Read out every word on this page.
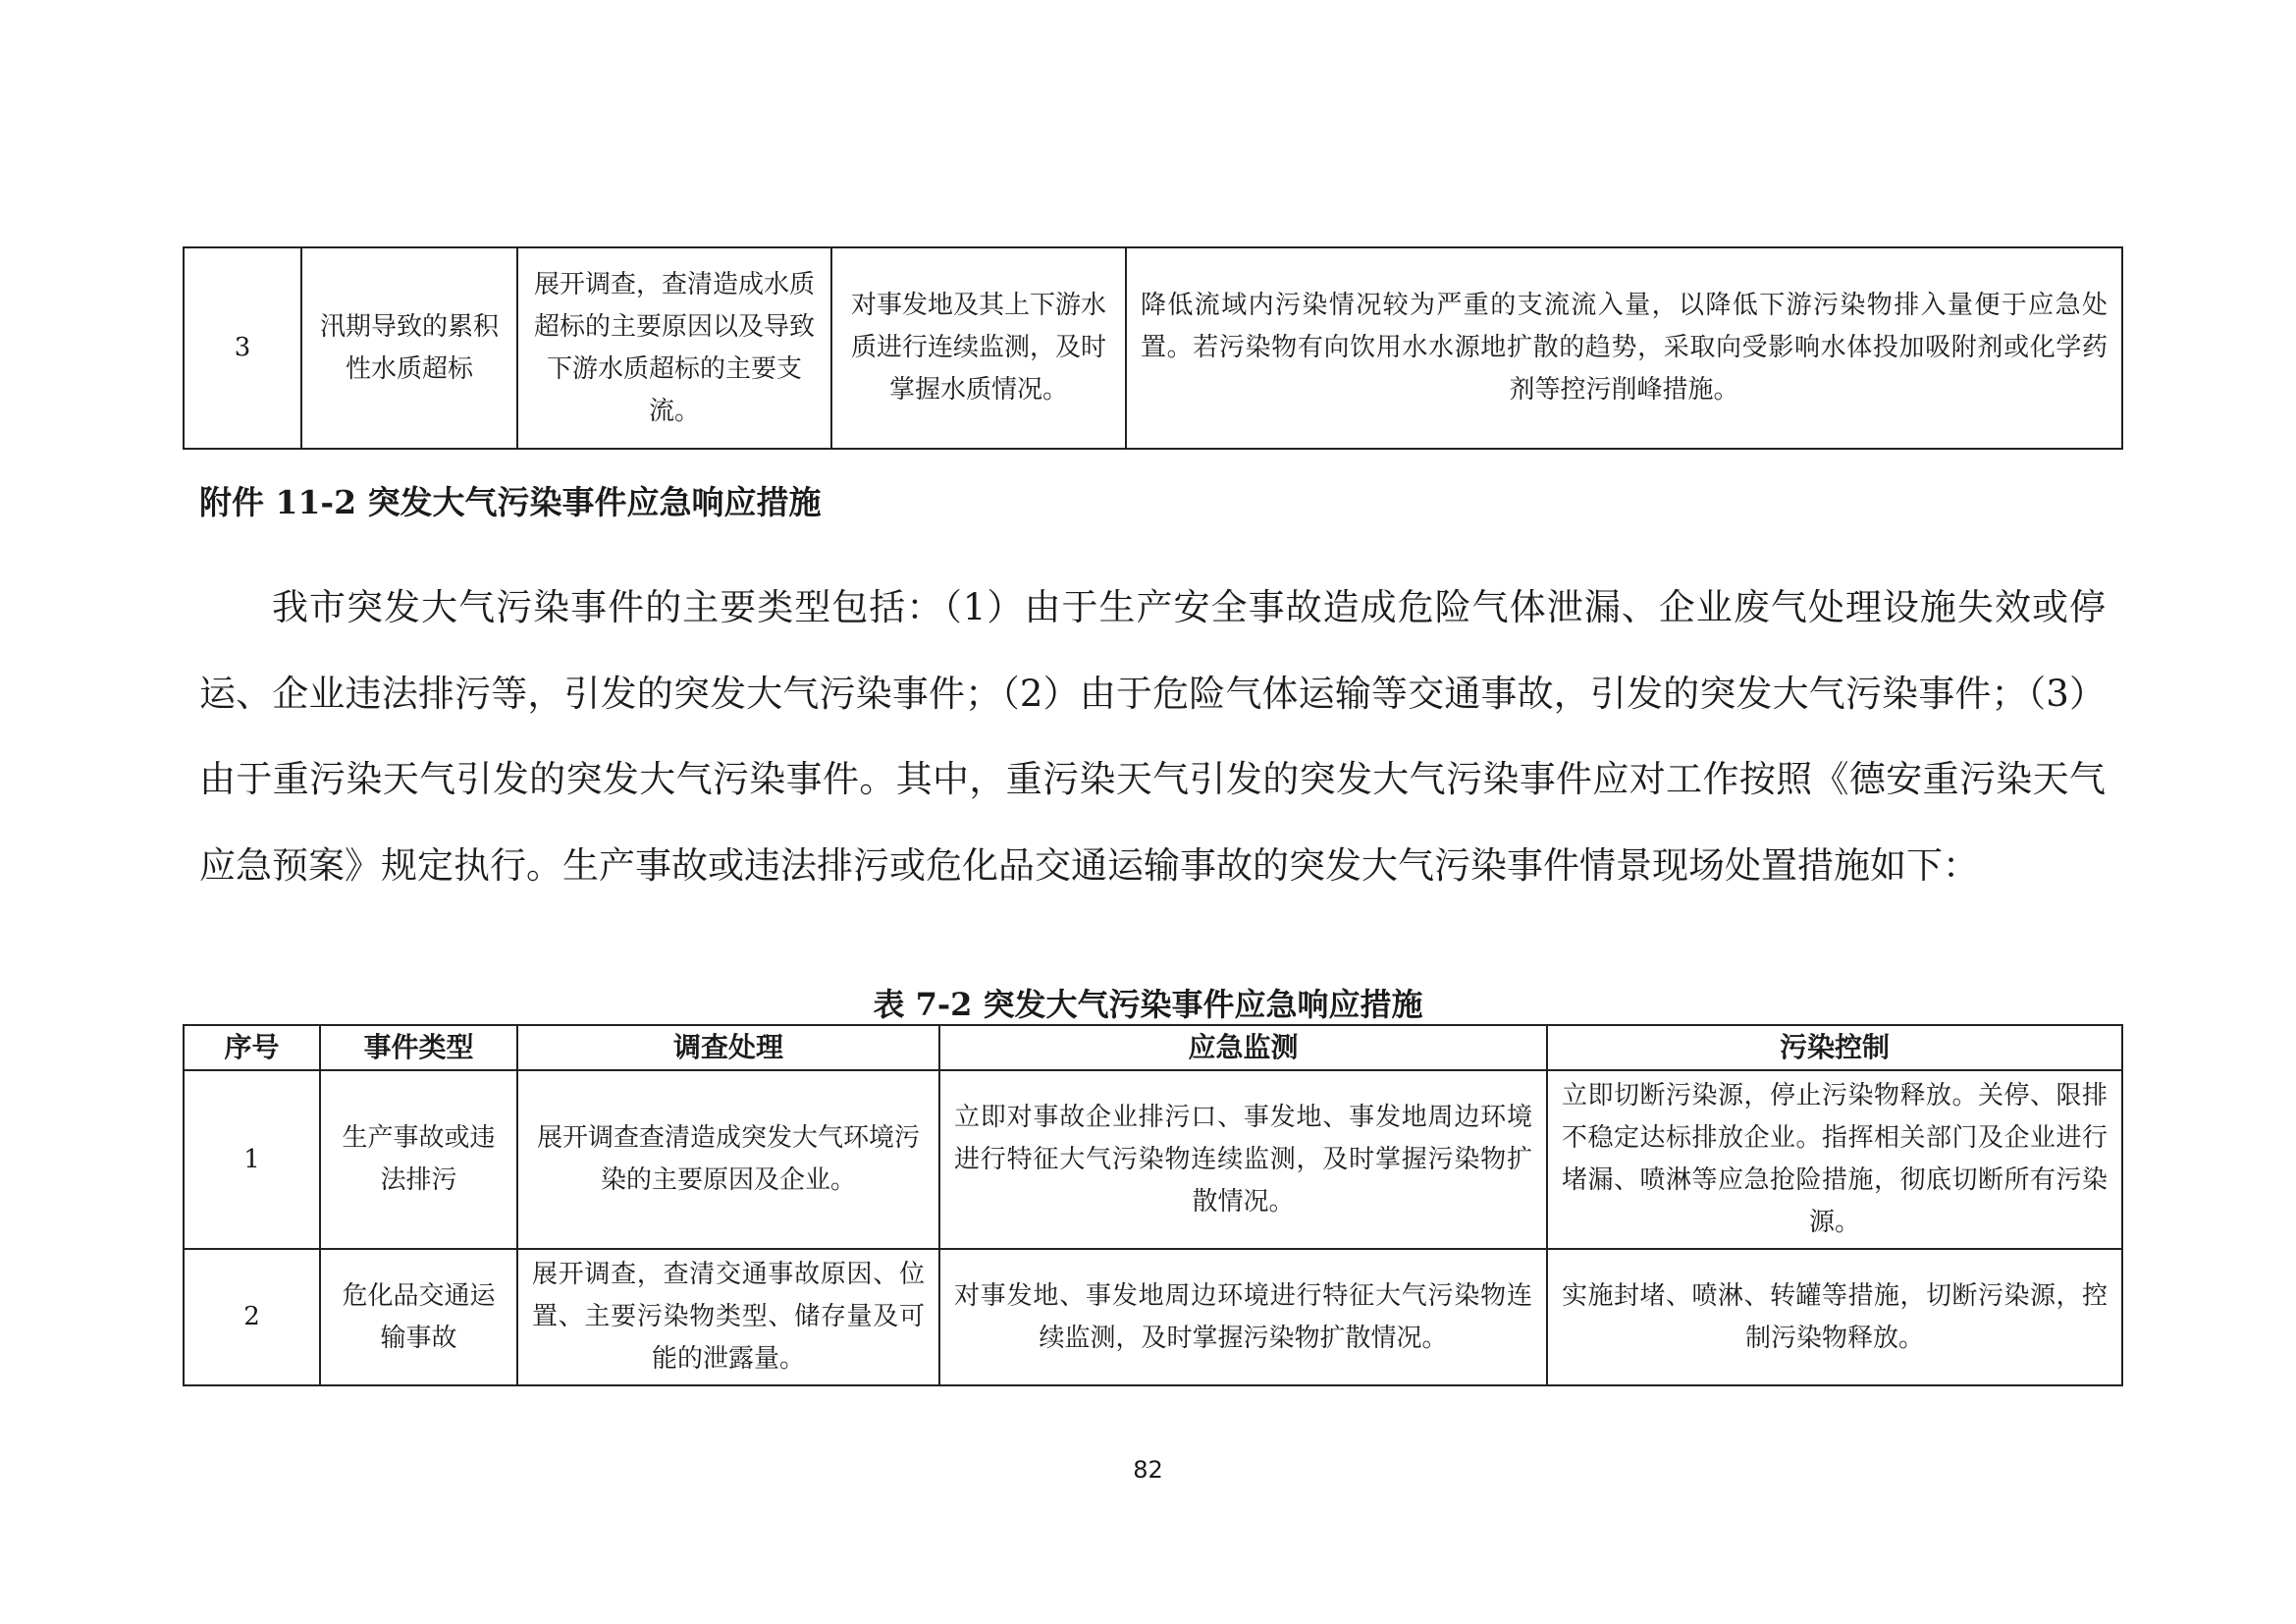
3	汛期导致的累积性水质超标	展开调查，查清造成水质超标的主要原因以及导致下游水质超标的主要支流。	对事发地及其上下游水质进行连续监测，及时掌握水质情况。	降低流域内污染情况较为严重的支流流入量，以降低下游污染物排入量便于应急处置。若污染物有向饮用水水源地扩散的趋势，采取向受影响水体投加吸附剂或化学药剂等控污削峰措施。
附件 11-2 突发大气污染事件应急响应措施

我市突发大气污染事件的主要类型包括：（1）由于生产安全事故造成危险气体泄漏、企业废气处理设施失效或停运、企业违法排污等，引发的突发大气污染事件；（2）由于危险气体运输等交通事故，引发的突发大气污染事件；（3）由于重污染天气引发的突发大气污染事件。其中，重污染天气引发的突发大气污染事件应对工作按照《德安重污染天气应急预案》规定执行。生产事故或违法排污或危化品交通运输事故的突发大气污染事件情景现场处置措施如下：

表 7-2 突发大气污染事件应急响应措施
序号	事件类型	调查处理	应急监测	污染控制
1	生产事故或违法排污	展开调查查清造成突发大气环境污染的主要原因及企业。	立即对事故企业排污口、事发地、事发地周边环境进行特征大气污染物连续监测，及时掌握污染物扩散情况。	立即切断污染源，停止污染物释放。关停、限排不稳定达标排放企业。指挥相关部门及企业进行堵漏、喷淋等应急抢险措施，彻底切断所有污染源。
2	危化品交通运输事故	展开调查，查清交通事故原因、位置、主要污染物类型、储存量及可能的泄露量。	对事发地、事发地周边环境进行特征大气污染物连续监测，及时掌握污染物扩散情况。	实施封堵、喷淋、转罐等措施，切断污染源，控制污染物释放。
82
